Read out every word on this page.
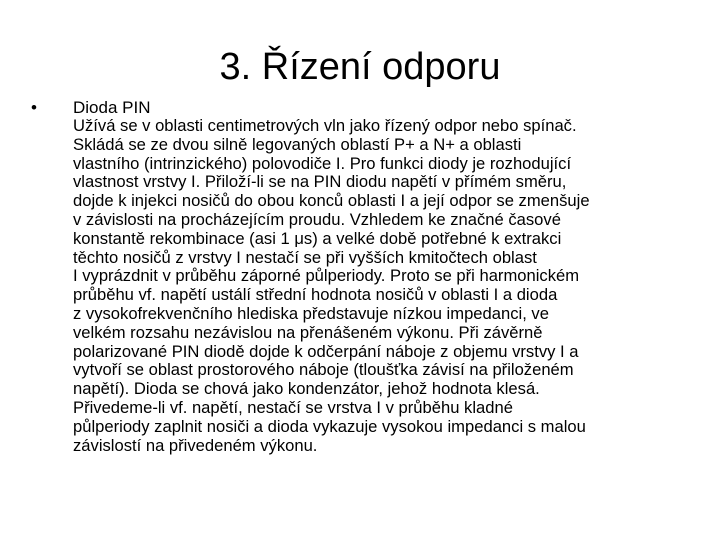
3. Řízení odporu
•	Dioda PIN

Užívá se v oblasti centimetrových vln jako řízený odpor nebo spínač.
Skládá se ze dvou silně legovaných oblastí P+ a N+ a oblasti
vlastního (intrinzického) polovodiče I. Pro funkci diody je rozhodující
vlastnost vrstvy I. Přiloží-li se na PIN diodu napětí v přímém směru,
dojde k injekci nosičů do obou konců oblasti I a její odpor se zmenšuje
v závislosti na procházejícím proudu. Vzhledem ke značné časové
konstantě rekombinace (asi 1 μs) a velké době potřebné k extrakci
těchto nosičů z vrstvy I nestačí se při vyšších kmitočtech oblast
I vyprázdnit v průběhu záporné půlperiody. Proto se při harmonickém
průběhu vf. napětí ustálí střední hodnota nosičů v oblasti I a dioda
z vysokofrekvenčního hlediska představuje nízkou impedanci, ve
velkém rozsahu nezávislou na přenášeném výkonu. Při závěrně
polarizované PIN diodě dojde k odčerpání náboje z objemu vrstvy I a
vytvoří se oblast prostorového náboje (tloušťka závisí na přiloženém
napětí). Dioda se chová jako kondenzátor, jehož hodnota klesá.
Přivedeme-li vf. napětí, nestačí se vrstva I v průběhu kladné
půlperiody zaplnit nosiči a dioda vykazuje vysokou impedanci s malou
závislostí na přivedeném výkonu.
